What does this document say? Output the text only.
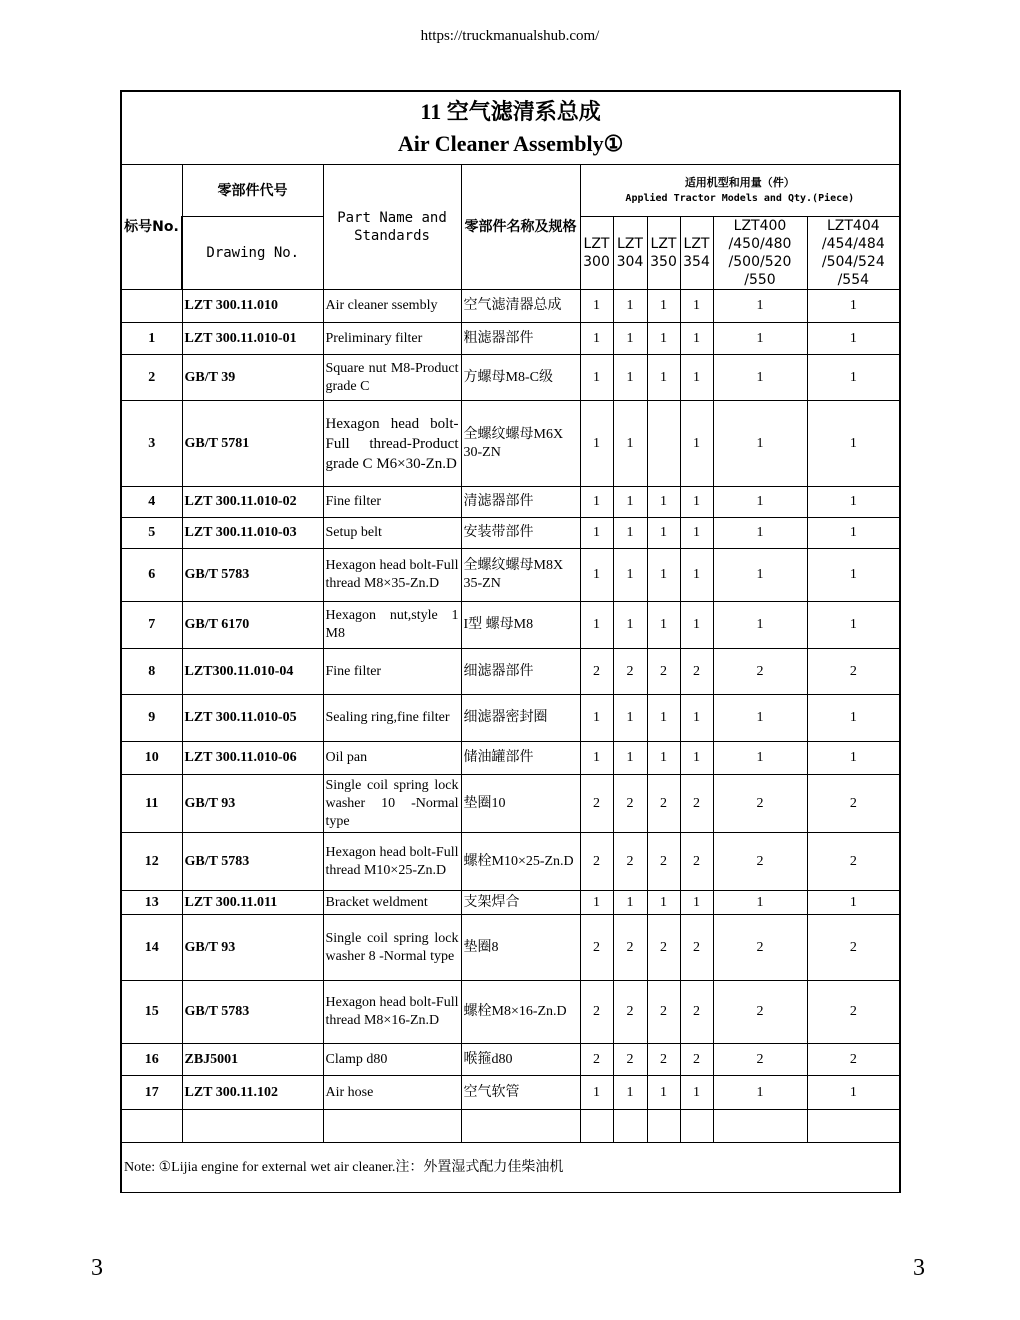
https://truckmanualshub.com/
11 空气滤清系总成
Air Cleaner Assembly①									

标号No.	零部件代号	Part Name and Standards	零部件名称及规格	适用机型和用量（件）
Applied Tractor Models and Qty.(Piece)					

	Drawing No.			LZT 300	LZT 304	LZT 350	LZT 354	LZT400 /450/480 /500/520 /550	LZT404 /454/484 /504/524 /554
	LZT 300.11.010	Air cleaner ssembly	空气滤清器总成	1	1	1	1	1	1
1	LZT 300.11.010-01	Preliminary filter	粗滤器部件	1	1	1	1	1	1
2	GB/T 39	Square nut M8-Product grade C	方螺母M8-C级	1	1	1	1	1	1
3	GB/T 5781	Hexagon head bolt-Full thread-Product grade C M6×30-Zn.D	全螺纹螺母M6X 30-ZN	1	1		1	1	1
4	LZT 300.11.010-02	Fine filter	清滤器部件	1	1	1	1	1	1
5	LZT 300.11.010-03	Setup belt	安装带部件	1	1	1	1	1	1
6	GB/T 5783	Hexagon head bolt-Full thread M8×35-Zn.D	全螺纹螺母M8X 35-ZN	1	1	1	1	1	1
7	GB/T 6170	Hexagon nut,style 1 M8	I型 螺母M8	1	1	1	1	1	1
8	LZT300.11.010-04	Fine filter	细滤器部件	2	2	2	2	2	2
9	LZT 300.11.010-05	Sealing ring,fine filter	细滤器密封圈	1	1	1	1	1	1
10	LZT 300.11.010-06	Oil pan	储油罐部件	1	1	1	1	1	1
11	GB/T 93	Single coil spring lock washer 10 -Normal type	垫圈10	2	2	2	2	2	2
12	GB/T 5783	Hexagon head bolt-Full thread M10×25-Zn.D	螺栓M10×25-Zn.D	2	2	2	2	2	2
13	LZT 300.11.011	Bracket weldment	支架焊合	1	1	1	1	1	1
14	GB/T 93	Single coil spring lock washer 8 -Normal type	垫圈8	2	2	2	2	2	2
15	GB/T 5783	Hexagon head bolt-Full thread M8×16-Zn.D	螺栓M8×16-Zn.D	2	2	2	2	2	2
16	ZBJ5001	Clamp d80	喉箍d80	2	2	2	2	2	2
17	LZT 300.11.102	Air hose	空气软管	1	1	1	1	1	1

Note: ①Lijia engine for external wet air cleaner.注：外置湿式配力佳柴油机									
3	3
